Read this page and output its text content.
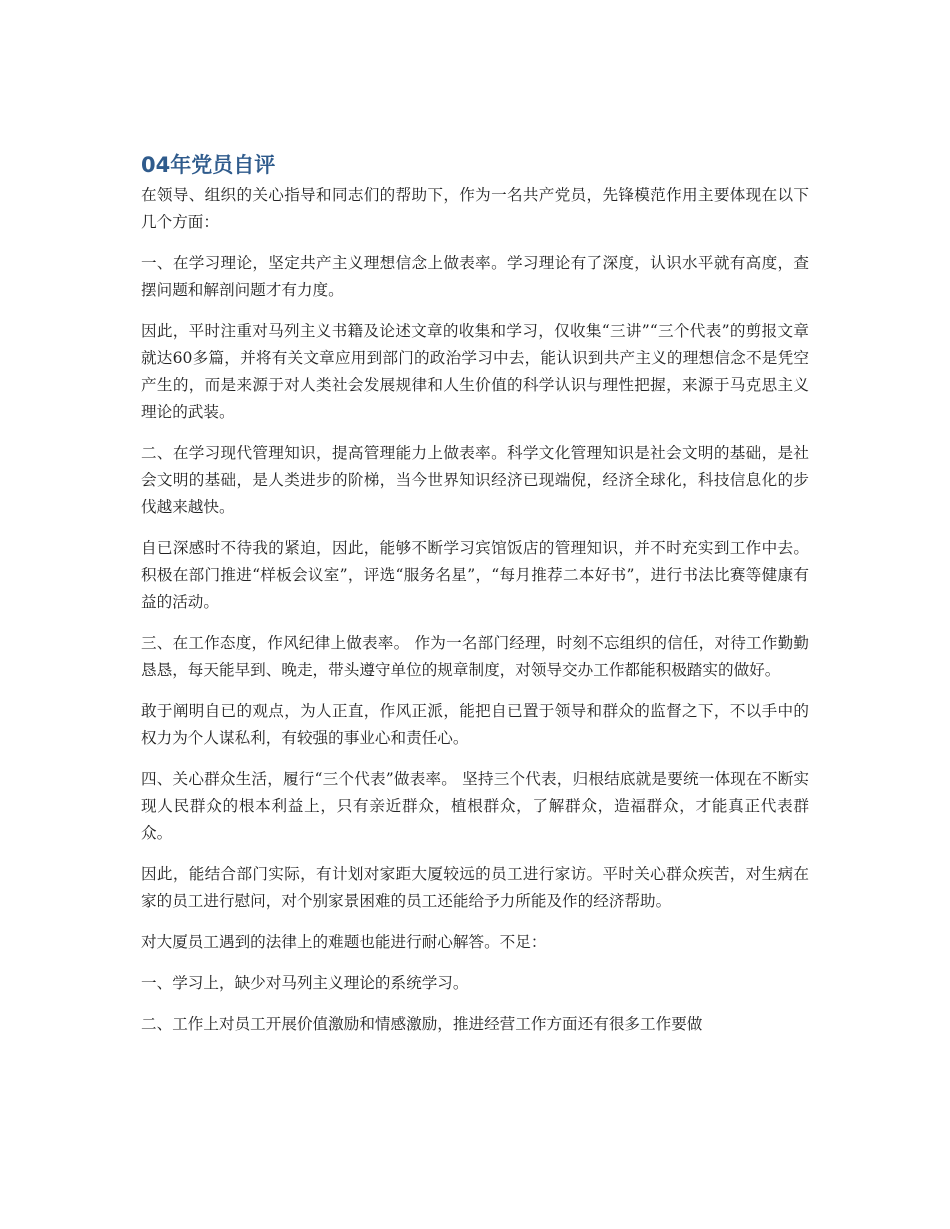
04年党员自评

在领导、组织的关心指导和同志们的帮助下，作为一名共产党员，先锋模范作用主要体现在以下几个方面：

一、在学习理论，坚定共产主义理想信念上做表率。学习理论有了深度，认识水平就有高度，查摆问题和解剖问题才有力度。

因此，平时注重对马列主义书籍及论述文章的收集和学习，仅收集“三讲”“三个代表”的剪报文章就达60多篇，并将有关文章应用到部门的政治学习中去，能认识到共产主义的理想信念不是凭空产生的，而是来源于对人类社会发展规律和人生价值的科学认识与理性把握，来源于马克思主义理论的武装。

二、在学习现代管理知识，提高管理能力上做表率。科学文化管理知识是社会文明的基础，是社会文明的基础，是人类进步的阶梯，当今世界知识经济已现端倪，经济全球化，科技信息化的步伐越来越快。

自已深感时不待我的紧迫，因此，能够不断学习宾馆饭店的管理知识，并不时充实到工作中去。积极在部门推进“样板会议室”，评选“服务名星”，“每月推荐二本好书”，进行书法比赛等健康有益的活动。

三、在工作态度，作风纪律上做表率。 作为一名部门经理，时刻不忘组织的信任，对待工作勤勤恳恳，每天能早到、晚走，带头遵守单位的规章制度，对领导交办工作都能积极踏实的做好。

敢于阐明自已的观点，为人正直，作风正派，能把自已置于领导和群众的监督之下，不以手中的权力为个人谋私利，有较强的事业心和责任心。

四、关心群众生活，履行“三个代表”做表率。 坚持三个代表，归根结底就是要统一体现在不断实现人民群众的根本利益上，只有亲近群众，植根群众，了解群众，造福群众，才能真正代表群众。

因此，能结合部门实际，有计划对家距大厦较远的员工进行家访。平时关心群众疾苦，对生病在家的员工进行慰问，对个别家景困难的员工还能给予力所能及作的经济帮助。

对大厦员工遇到的法律上的难题也能进行耐心解答。不足：

一、学习上，缺少对马列主义理论的系统学习。

二、工作上对员工开展价值激励和情感激励，推进经营工作方面还有很多工作要做
